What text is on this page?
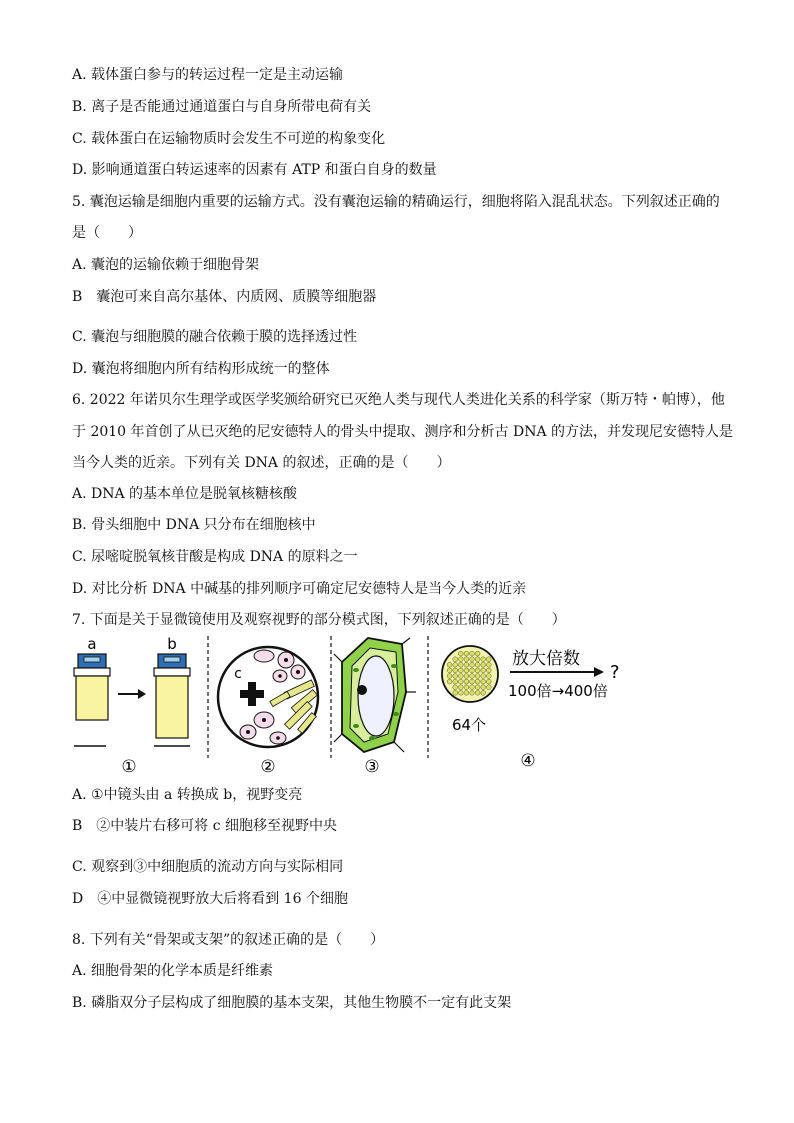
A. 载体蛋白参与的转运过程一定是主动运输
B. 离子是否能通过通道蛋白与自身所带电荷有关
C. 载体蛋白在运输物质时会发生不可逆的构象变化
D. 影响通道蛋白转运速率的因素有 ATP 和蛋白自身的数量
5. 囊泡运输是细胞内重要的运输方式。没有囊泡运输的精确运行，细胞将陷入混乱状态。下列叙述正确的
是（　　）
A. 囊泡的运输依赖于细胞骨架
B　囊泡可来自高尔基体、内质网、质膜等细胞器
C. 囊泡与细胞膜的融合依赖于膜的选择透过性
D. 囊泡将细胞内所有结构形成统一的整体
6. 2022 年诺贝尔生理学或医学奖颁给研究已灭绝人类与现代人类进化关系的科学家（斯万特・帕博），他
于 2010 年首创了从已灭绝的尼安德特人的骨头中提取、测序和分析古 DNA 的方法，并发现尼安德特人是
当今人类的近亲。下列有关 DNA 的叙述，正确的是（　　）
A. DNA 的基本单位是脱氧核糖核酸
B. 骨头细胞中 DNA 只分布在细胞核中
C. 尿嘧啶脱氧核苷酸是构成 DNA 的原料之一
D. 对比分析 DNA 中碱基的排列顺序可确定尼安德特人是当今人类的近亲
7. 下面是关于显微镜使用及观察视野的部分模式图，下列叙述正确的是（　　）
a	b
①
c
②	③
放大倍数
?
100倍→400倍
64个
④
A. ①中镜头由 a 转换成 b，视野变亮
B　②中装片右移可将 c 细胞移至视野中央
C. 观察到③中细胞质的流动方向与实际相同
D　④中显微镜视野放大后将看到 16 个细胞
8. 下列有关“骨架或支架”的叙述正确的是（　　）
A. 细胞骨架的化学本质是纤维素
B. 磷脂双分子层构成了细胞膜的基本支架，其他生物膜不一定有此支架
